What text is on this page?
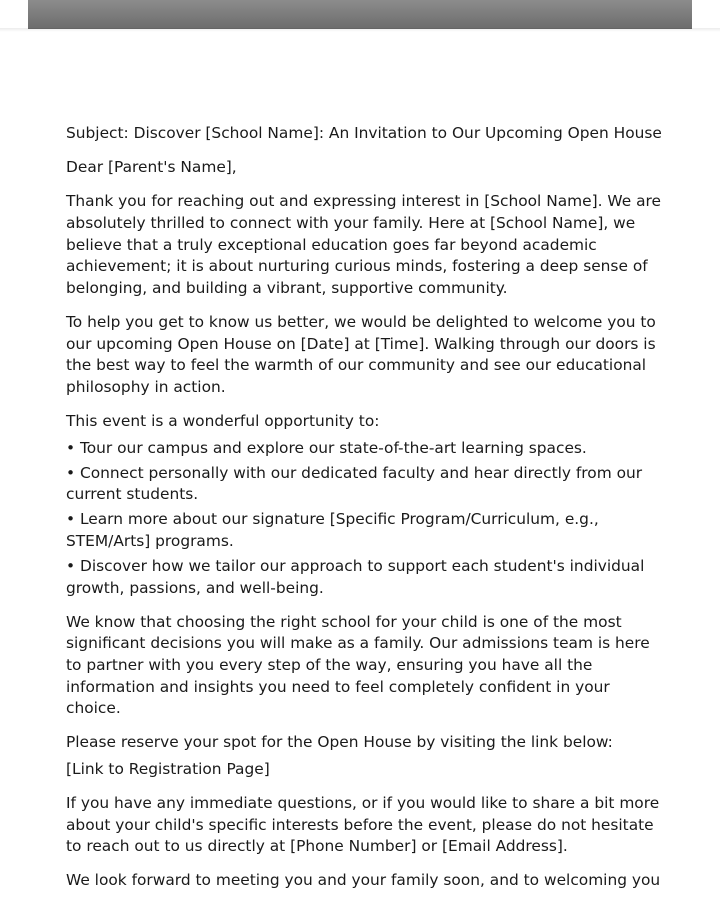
Subject: Discover [School Name]: An Invitation to Our Upcoming Open House

Dear [Parent's Name],

Thank you for reaching out and expressing interest in [School Name]. We are absolutely thrilled to connect with your family. Here at [School Name], we believe that a truly exceptional education goes far beyond academic achievement; it is about nurturing curious minds, fostering a deep sense of belonging, and building a vibrant, supportive community.

To help you get to know us better, we would be delighted to welcome you to our upcoming Open House on [Date] at [Time]. Walking through our doors is the best way to feel the warmth of our community and see our educational philosophy in action.

This event is a wonderful opportunity to:

• Tour our campus and explore our state-of-the-art learning spaces.

• Connect personally with our dedicated faculty and hear directly from our current students.

• Learn more about our signature [Specific Program/Curriculum, e.g., STEM/Arts] programs.

• Discover how we tailor our approach to support each student's individual growth, passions, and well-being.

We know that choosing the right school for your child is one of the most significant decisions you will make as a family. Our admissions team is here to partner with you every step of the way, ensuring you have all the information and insights you need to feel completely confident in your choice.

Please reserve your spot for the Open House by visiting the link below:

[Link to Registration Page]

If you have any immediate questions, or if you would like to share a bit more about your child's specific interests before the event, please do not hesitate to reach out to us directly at [Phone Number] or [Email Address].

We look forward to meeting you and your family soon, and to welcoming you
